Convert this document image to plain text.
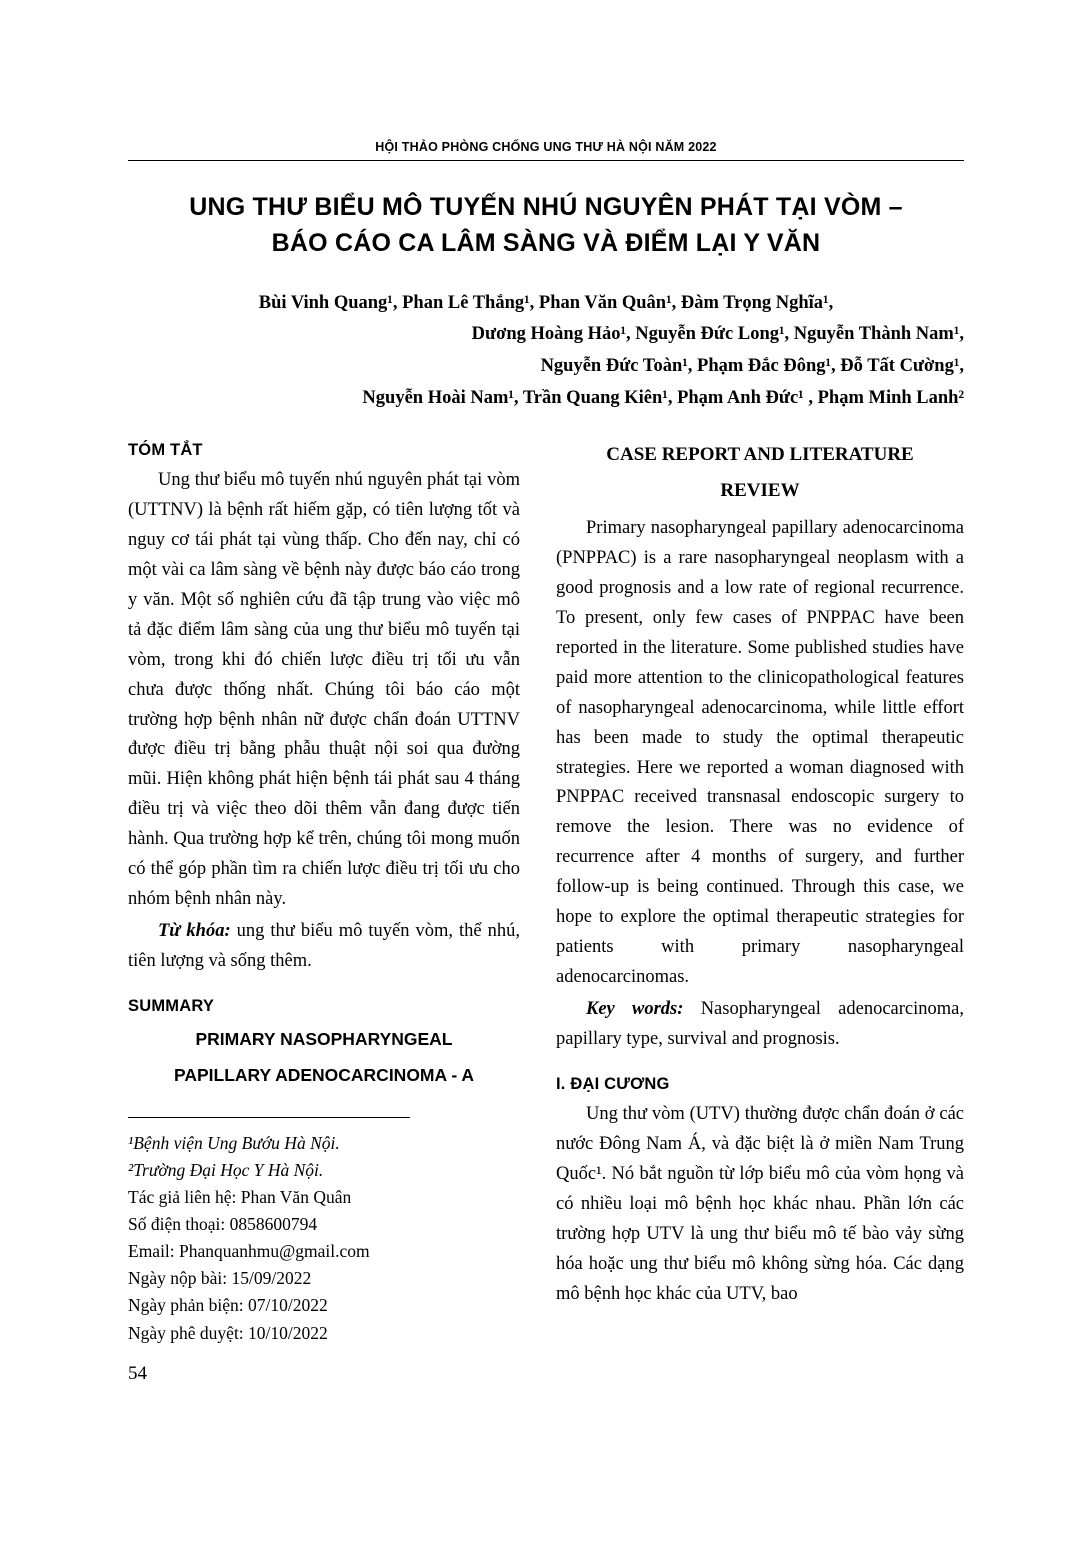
HỘI THẢO PHÒNG CHỐNG UNG THƯ HÀ NỘI NĂM 2022
UNG THƯ BIỂU MÔ TUYẾN NHÚ NGUYÊN PHÁT TẠI VÒM –
BÁO CÁO CA LÂM SÀNG VÀ ĐIỂM LẠI Y VĂN
Bùi Vinh Quang¹, Phan Lê Thắng¹, Phan Văn Quân¹, Đàm Trọng Nghĩa¹,
Dương Hoàng Hảo¹, Nguyễn Đức Long¹, Nguyễn Thành Nam¹,
Nguyễn Đức Toàn¹, Phạm Đắc Đông¹, Đỗ Tất Cường¹,
Nguyễn Hoài Nam¹, Trần Quang Kiên¹, Phạm Anh Đức¹ , Phạm Minh Lanh²
TÓM TẮT

Ung thư biểu mô tuyến nhú nguyên phát tại vòm (UTTNV) là bệnh rất hiếm gặp, có tiên lượng tốt và nguy cơ tái phát tại vùng thấp. Cho đến nay, chỉ có một vài ca lâm sàng về bệnh này được báo cáo trong y văn. Một số nghiên cứu đã tập trung vào việc mô tả đặc điểm lâm sàng của ung thư biểu mô tuyến tại vòm, trong khi đó chiến lược điều trị tối ưu vẫn chưa được thống nhất. Chúng tôi báo cáo một trường hợp bệnh nhân nữ được chẩn đoán UTTNV được điều trị bằng phẫu thuật nội soi qua đường mũi. Hiện không phát hiện bệnh tái phát sau 4 tháng điều trị và việc theo dõi thêm vẫn đang được tiến hành. Qua trường hợp kể trên, chúng tôi mong muốn có thể góp phần tìm ra chiến lược điều trị tối ưu cho nhóm bệnh nhân này.

Từ khóa: ung thư biểu mô tuyến vòm, thể nhú, tiên lượng và sống thêm.

SUMMARY
PRIMARY NASOPHARYNGEAL
PAPILLARY ADENOCARCINOMA - A
¹Bệnh viện Ung Bướu Hà Nội.
²Trường Đại Học Y Hà Nội.
Tác giả liên hệ: Phan Văn Quân
Số điện thoại: 0858600794
Email: Phanquanhmu@gmail.com
Ngày nộp bài: 15/09/2022
Ngày phản biện: 07/10/2022
Ngày phê duyệt: 10/10/2022
CASE REPORT AND LITERATURE
REVIEW

Primary nasopharyngeal papillary adenocarcinoma (PNPPAC) is a rare nasopharyngeal neoplasm with a good prognosis and a low rate of regional recurrence. To present, only few cases of PNPPAC have been reported in the literature. Some published studies have paid more attention to the clinicopathological features of nasopharyngeal adenocarcinoma, while little effort has been made to study the optimal therapeutic strategies. Here we reported a woman diagnosed with PNPPAC received transnasal endoscopic surgery to remove the lesion. There was no evidence of recurrence after 4 months of surgery, and further follow-up is being continued. Through this case, we hope to explore the optimal therapeutic strategies for patients with primary nasopharyngeal adenocarcinomas.

Key words: Nasopharyngeal adenocarcinoma, papillary type, survival and prognosis.

I. ĐẠI CƯƠNG

Ung thư vòm (UTV) thường được chẩn đoán ở các nước Đông Nam Á, và đặc biệt là ở miền Nam Trung Quốc¹. Nó bắt nguồn từ lớp biểu mô của vòm họng và có nhiều loại mô bệnh học khác nhau. Phần lớn các trường hợp UTV là ung thư biểu mô tế bào vảy sừng hóa hoặc ung thư biểu mô không sừng hóa. Các dạng mô bệnh học khác của UTV, bao

54
